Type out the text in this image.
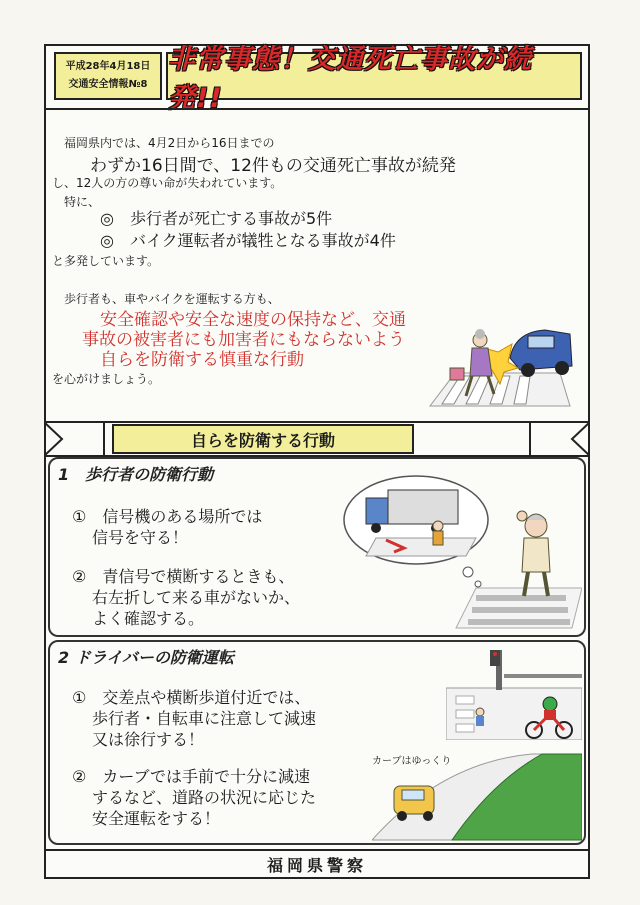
平成28年4月18日
交通安全情報№8
非常事態！交通死亡事故が続発!!
福岡県内では、4月2日から16日までの
わずか16日間で、12件もの交通死亡事故が続発
し、12人の方の尊い命が失われています。
特に、
◎　歩行者が死亡する事故が5件
◎　バイク運転者が犠牲となる事故が4件
と多発しています。
歩行者も、車やバイクを運転する方も、
安全確認や安全な速度の保持など、交通
事故の被害者にも加害者にもならないよう
自らを防衛する慎重な行動
を心がけましょう。
自らを防衛する行動
1　歩行者の防衛行動
①　信号機のある場所では
信号を守る！
②　青信号で横断するときも、
右左折して来る車がないか、
よく確認する。
2 ドライバーの防衛運転
①　交差点や横断歩道付近では、
歩行者・自転車に注意して減速
又は徐行する！
②　カーブでは手前で十分に減速
するなど、道路の状況に応じた
安全運転をする！
カーブはゆっくり
福岡県警察
